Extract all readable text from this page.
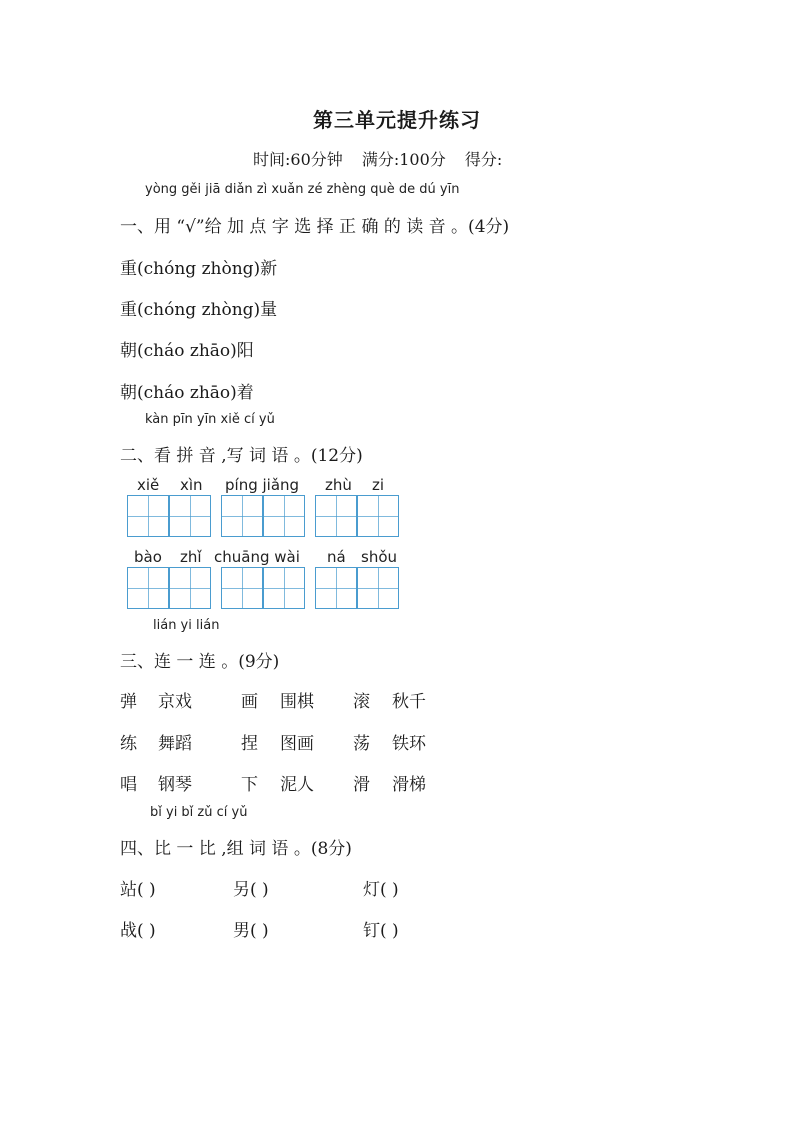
第三单元提升练习
时间:60分钟 满分:100分 得分:
yòng gěi jiā diǎn zì xuǎn zé zhèng què de dú yīn
一、用 “√”给 加 点 字 选 择 正 确 的 读 音 。(4分)
重(chóng zhòng)新
重(chóng zhòng)量
朝(cháo zhāo)阳
朝(cháo zhāo)着
kàn pīn yīn xiě cí yǔ
二、看 拼 音 ,写 词 语 。(12分)
xiě xìn píng jiǎng zhù zi
bào zhǐ chuāng wài ná shǒu
lián yi lián
三、连 一 连 。(9分)
弹 京戏	画 围棋 滚 秋千
练 舞蹈	捏 图画 荡 铁环
唱 钢琴	下 泥人 滑 滑梯
bǐ yi bǐ zǔ cí yǔ
四、比 一 比 ,组 词 语 。(8分)
站( )	另( )	灯( )
战( )	男( )	钉( )
